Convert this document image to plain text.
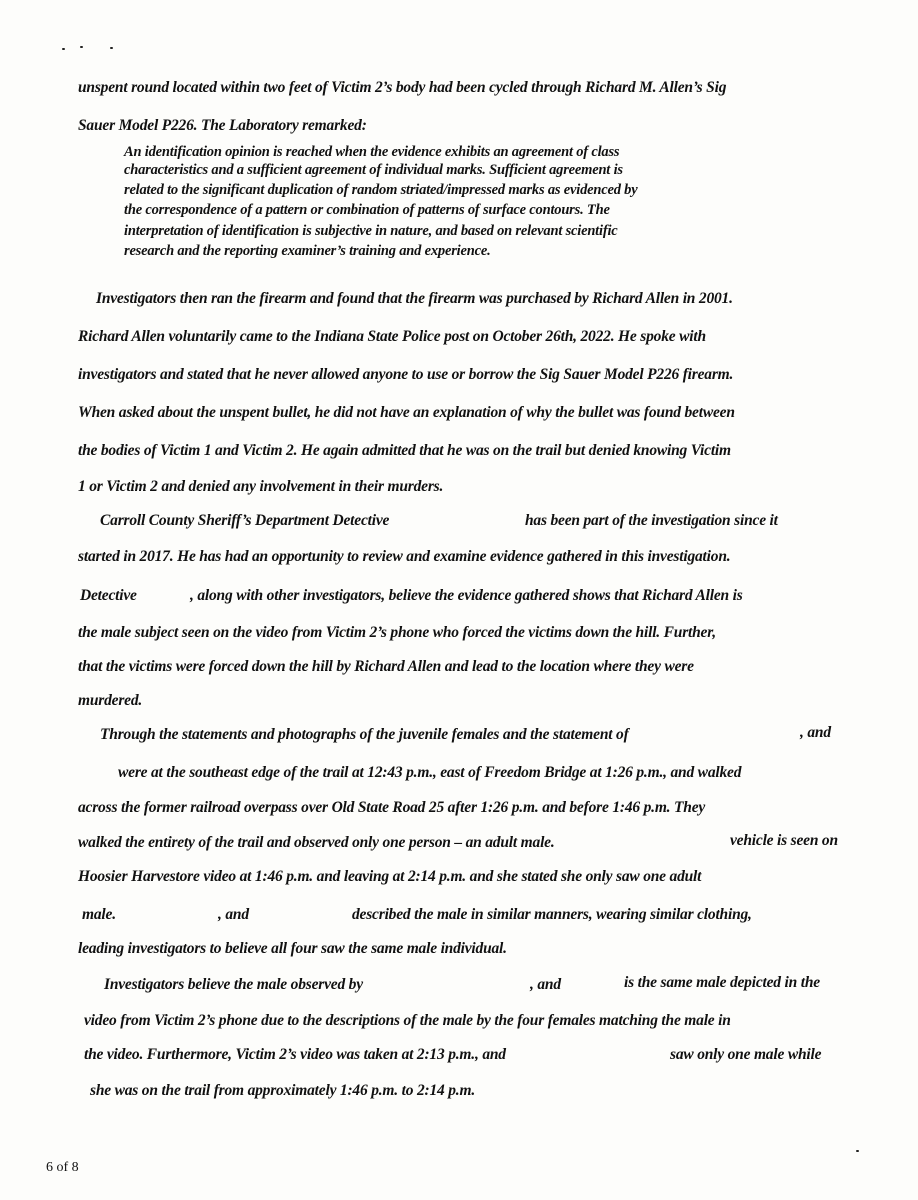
unspent round located within two feet of Victim 2’s body had been cycled through Richard M. Allen’s Sig
Sauer Model P226. The Laboratory remarked:
An identification opinion is reached when the evidence exhibits an agreement of class
characteristics and a sufficient agreement of individual marks. Sufficient agreement is
related to the significant duplication of random striated/impressed marks as evidenced by
the correspondence of a pattern or combination of patterns of surface contours. The
interpretation of identification is subjective in nature, and based on relevant scientific
research and the reporting examiner’s training and experience.
Investigators then ran the firearm and found that the firearm was purchased by Richard Allen in 2001.
Richard Allen voluntarily came to the Indiana State Police post on October 26th, 2022. He spoke with
investigators and stated that he never allowed anyone to use or borrow the Sig Sauer Model P226 firearm.
When asked about the unspent bullet, he did not have an explanation of why the bullet was found between
the bodies of Victim 1 and Victim 2. He again admitted that he was on the trail but denied knowing Victim
1 or Victim 2 and denied any involvement in their murders.
Carroll County Sheriff’s Department Detective	has been part of the investigation since it
started in 2017. He has had an opportunity to review and examine evidence gathered in this investigation.
Detective	, along with other investigators, believe the evidence gathered shows that Richard Allen is
the male subject seen on the video from Victim 2’s phone who forced the victims down the hill. Further,
that the victims were forced down the hill by Richard Allen and lead to the location where they were
murdered.
Through the statements and photographs of the juvenile females and the statement of	, and
were at the southeast edge of the trail at 12:43 p.m., east of Freedom Bridge at 1:26 p.m., and walked
across the former railroad overpass over Old State Road 25 after 1:26 p.m. and before 1:46 p.m. They
walked the entirety of the trail and observed only one person – an adult male.	vehicle is seen on
Hoosier Harvestore video at 1:46 p.m. and leaving at 2:14 p.m. and she stated she only saw one adult
male.	, and	described the male in similar manners, wearing similar clothing,
leading investigators to believe all four saw the same male individual.
Investigators believe the male observed by	, and	is the same male depicted in the
video from Victim 2’s phone due to the descriptions of the male by the four females matching the male in
the video. Furthermore, Victim 2’s video was taken at 2:13 p.m., and	saw only one male while
she was on the trail from approximately 1:46 p.m. to 2:14 p.m.
6 of 8
